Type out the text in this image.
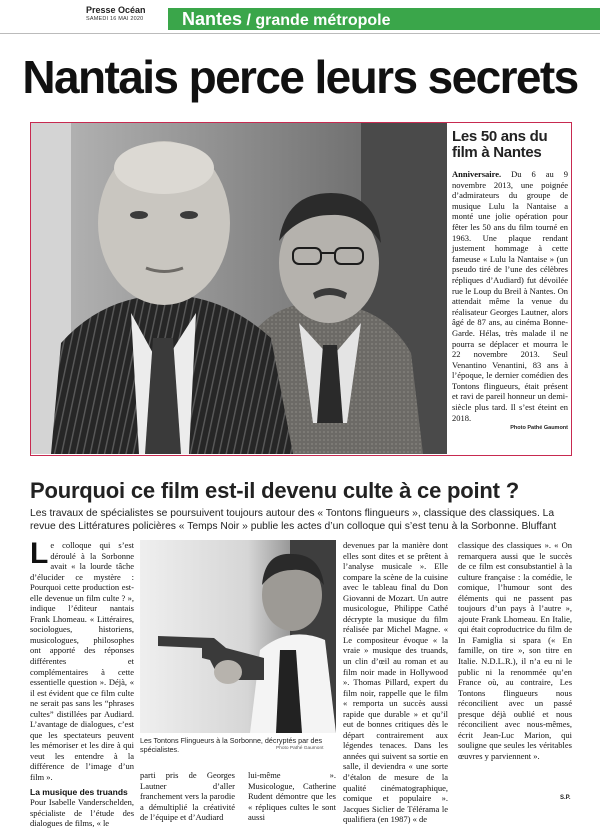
Presse Océan
SAMEDI 16 MAI 2020 Nantes / grande métropole
Nantais perce leurs secrets
Les 50 ans du
film à Nantes

Anniversaire. Du 6 au 9 novembre 2013, une poignée d’admirateurs du groupe de musique Lulu la Nantaise a monté une jolie opération pour fêter les 50 ans du film tourné en 1963. Une plaque rendant justement hommage à cette fameuse « Lulu la Nantaise » (un pseudo tiré de l’une des célèbres répliques d’Audiard) fut dévoilée rue le Loup du Breil à Nantes. On attendait même la venue du réalisateur Georges Lautner, alors âgé de 87 ans, au cinéma Bonne-Garde. Hélas, très malade il ne pourra se déplacer et mourra le 22 novembre 2013. Seul Venantino Venantini, 83 ans à l’époque, le dernier comédien des Tontons flingueurs, était présent et ravi de pareil honneur un demi-siècle plus tard. Il s’est éteint en 2018.

Photo Pathé Gaumont
Pourquoi ce film est-il devenu culte à ce point ?

Les travaux de spécialistes se poursuivent toujours autour des « Tontons flingueurs », classique des classiques. La revue des Littératures policières « Temps Noir » publie les actes d’un colloque qui s’est tenu à la Sorbonne. Bluffant

Le colloque qui s’est déroulé à la Sorbonne avait « la lourde tâche d’élucider ce mystère : Pourquoi cette production est-elle devenue un film culte ? », indique l’éditeur nantais Frank Lhomeau. « Littéraires, sociologues, historiens, musicologues, philosophes ont apporté des réponses différentes et complémentaires à cette essentielle question ». Déjà, « il est évident que ce film culte ne serait pas sans les “phrases cultes” distillées par Audiard. L’avantage de dialogues, c’est que les spectateurs peuvent les mémoriser et les dire à qui veut les entendre à la différence de l’image d’un film ».
La musique des truands
Pour Isabelle Vanderschelden, spécialiste de l’étude des dialogues de films, « le
Les Tontons Flingueurs à la Sorbonne, décryptés par des spécialistes.	Photo Pathé Gaumont
parti pris de Georges Lautner d’aller franchement vers la parodie a démultiplié la créativité de l’équipe et d’Audiard
lui-même ». Musicologue, Catherine Rudent démontre que les « répliques cultes le sont aussi
devenues par la manière dont elles sont dites et se prêtent à l’analyse musicale ». Elle compare la scène de la cuisine avec le tableau final du Don Giovanni de Mozart. Un autre musicologue, Philippe Cathé décrypte la musique du film réalisée par Michel Magne. « Le compositeur évoque « la vraie » musique des truands, un clin d’œil au roman et au film noir made in Hollywood ». Thomas Pillard, expert du film noir, rappelle que le film « remporta un succès aussi rapide que durable » et qu’il eut de bonnes critiques dès le départ contrairement aux légendes tenaces. Dans les années qui suivent sa sortie en salle, il deviendra « une sorte d’étalon de mesure de la qualité cinématographique, comique et populaire ». Jacques Siclier de Télérama le qualifiera (en 1987) « de
classique des classiques ». « On remarquera aussi que le succès de ce film est consubstantiel à la culture française : la comédie, le comique, l’humour sont des éléments qui ne passent pas toujours d’un pays à l’autre », ajoute Frank Lhomeau. En Italie, qui était coproductrice du film de In Famiglia si spara (« En famille, on tire », son titre en Italie. N.D.L.R.), il n’a eu ni le public ni la renommée qu’en France où, au contraire, Les Tontons flingueurs nous réconcilient avec un passé presque déjà oublié et nous réconcilient avec nous-mêmes, écrit Jean-Luc Marion, qui souligne que seules les véritables œuvres y parviennent ».
S.P.
